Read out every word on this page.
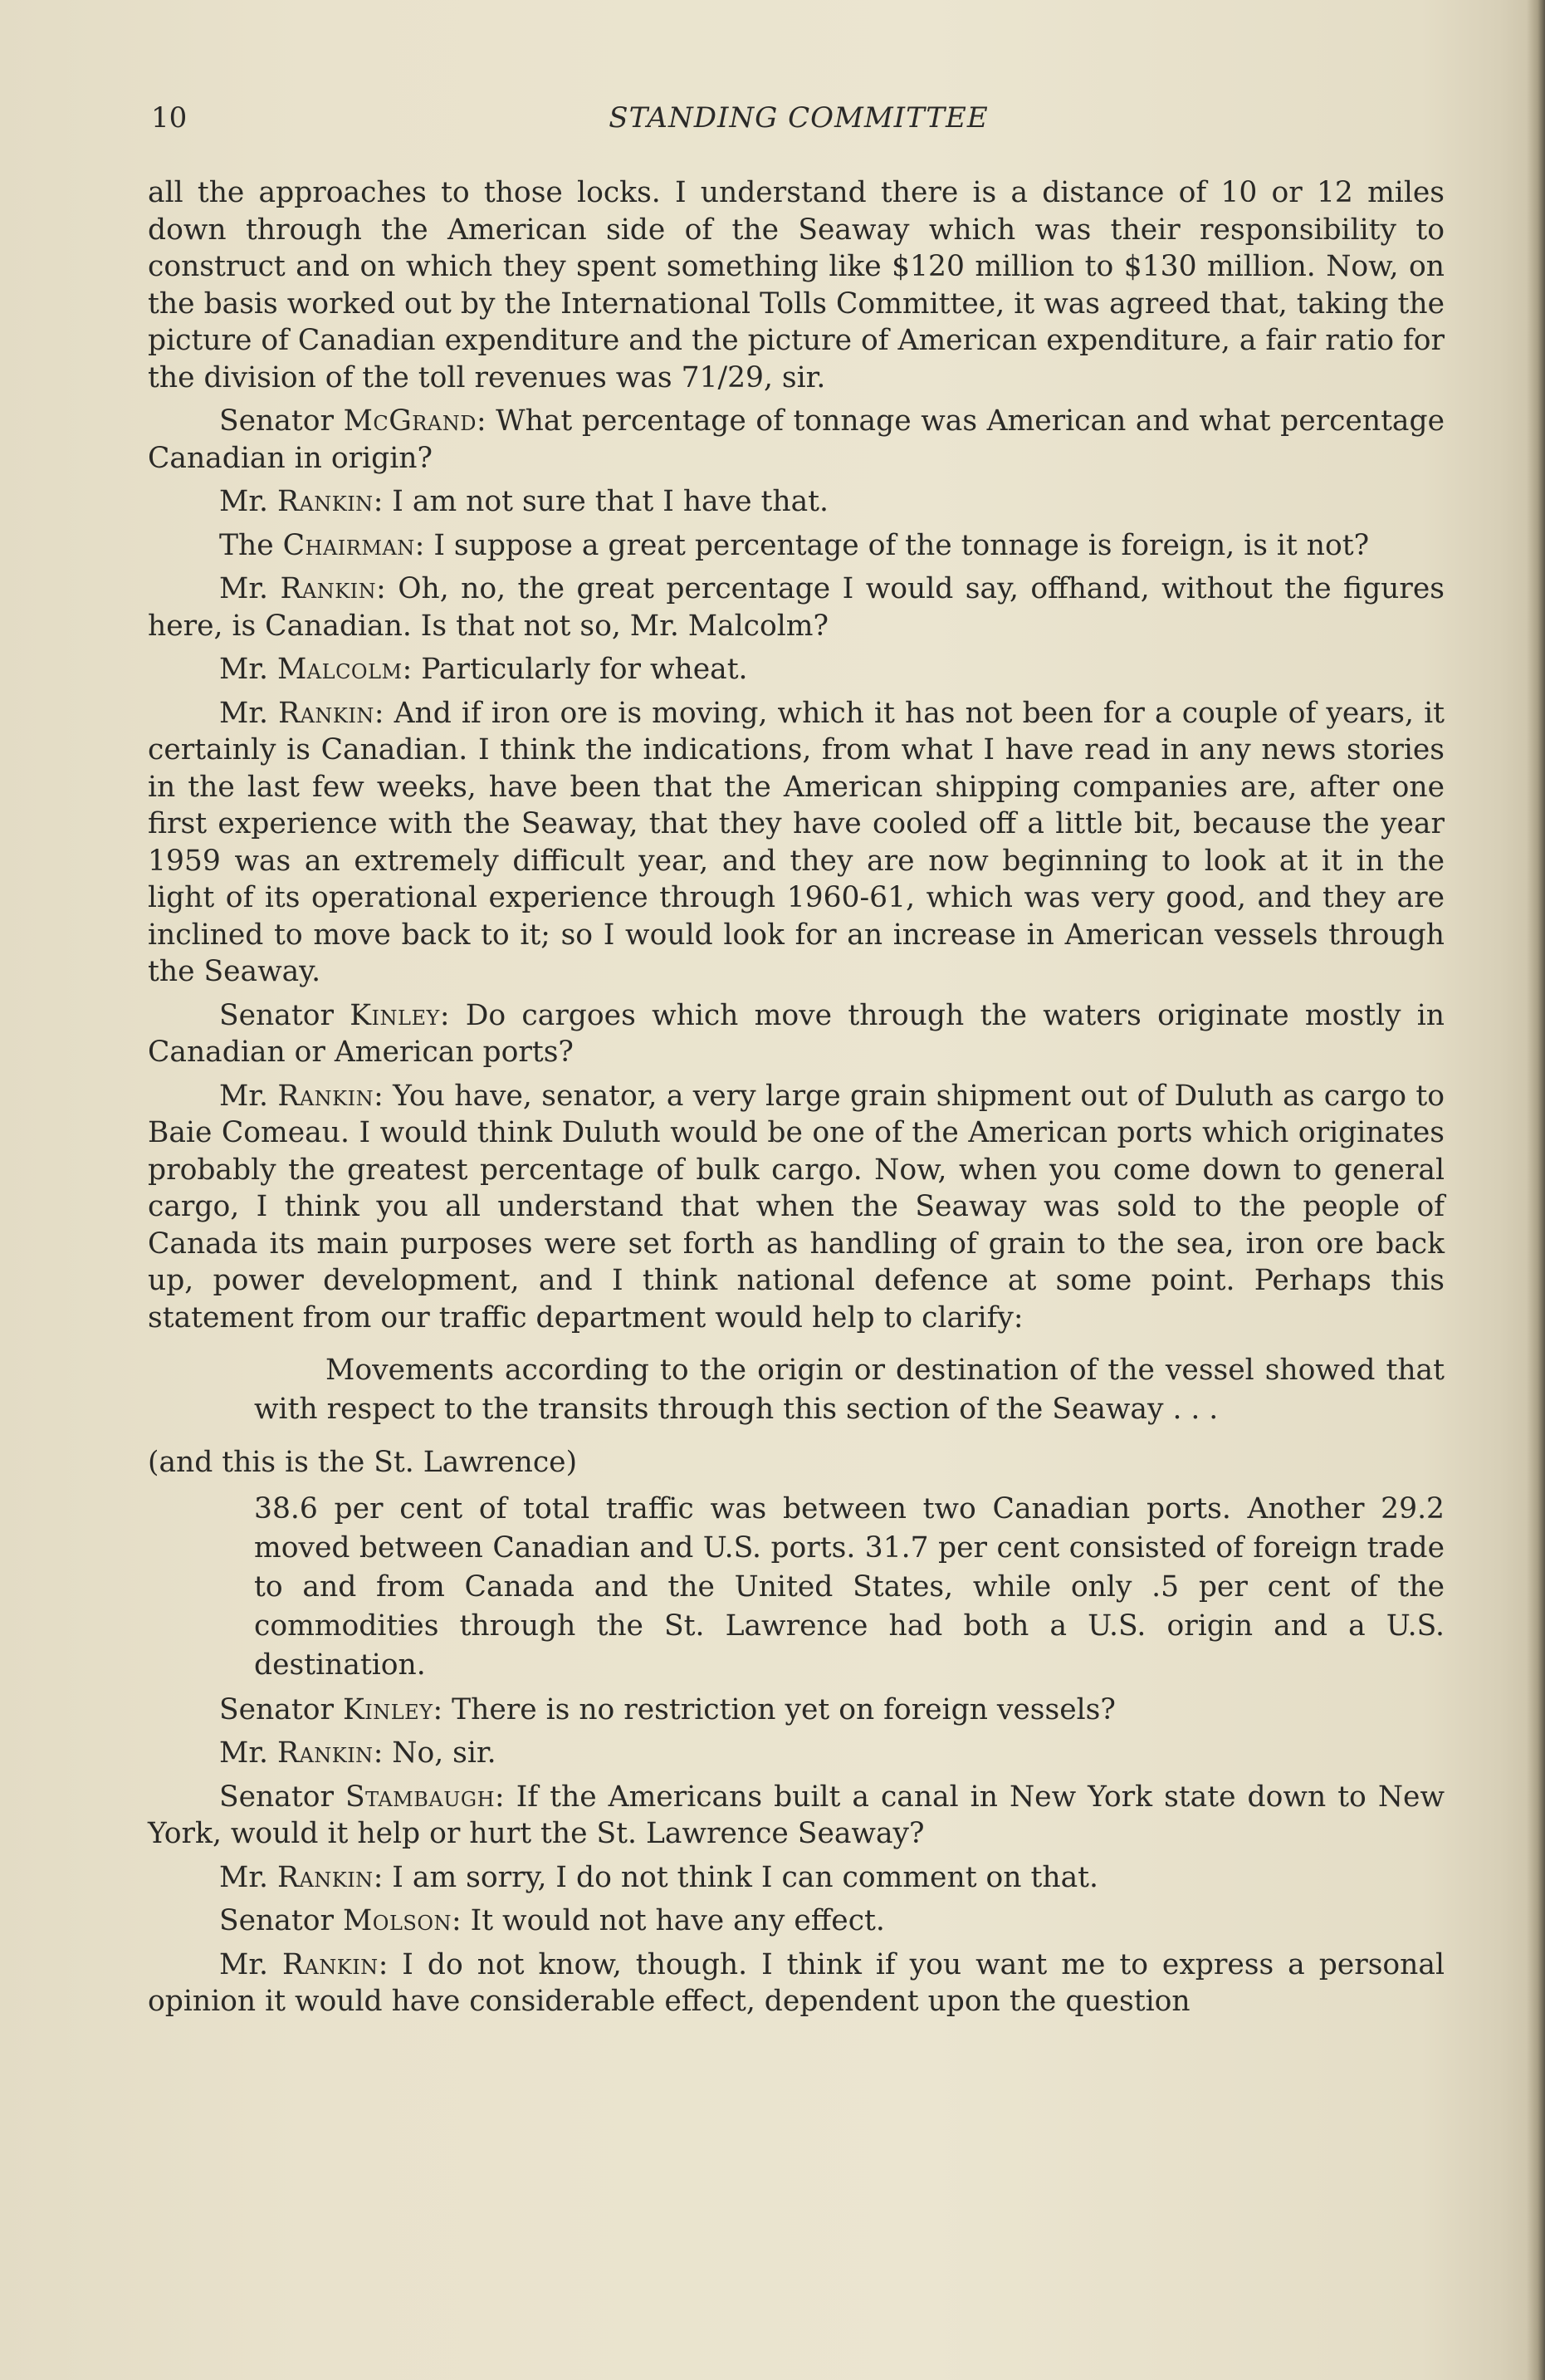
10	STANDING COMMITTEE

all the approaches to those locks. I understand there is a distance of 10 or 12 miles down through the American side of the Seaway which was their responsibility to construct and on which they spent something like $120 million to $130 million. Now, on the basis worked out by the International Tolls Committee, it was agreed that, taking the picture of Canadian expenditure and the picture of American expenditure, a fair ratio for the division of the toll revenues was 71/29, sir.

Senator McGrand: What percentage of tonnage was American and what percentage Canadian in origin?

Mr. Rankin: I am not sure that I have that.

The Chairman: I suppose a great percentage of the tonnage is foreign, is it not?

Mr. Rankin: Oh, no, the great percentage I would say, offhand, without the figures here, is Canadian. Is that not so, Mr. Malcolm?

Mr. Malcolm: Particularly for wheat.

Mr. Rankin: And if iron ore is moving, which it has not been for a couple of years, it certainly is Canadian. I think the indications, from what I have read in any news stories in the last few weeks, have been that the American shipping companies are, after one first experience with the Seaway, that they have cooled off a little bit, because the year 1959 was an extremely difficult year, and they are now beginning to look at it in the light of its operational experience through 1960-61, which was very good, and they are inclined to move back to it; so I would look for an increase in American vessels through the Seaway.

Senator Kinley: Do cargoes which move through the waters originate mostly in Canadian or American ports?

Mr. Rankin: You have, senator, a very large grain shipment out of Duluth as cargo to Baie Comeau. I would think Duluth would be one of the American ports which originates probably the greatest percentage of bulk cargo. Now, when you come down to general cargo, I think you all understand that when the Seaway was sold to the people of Canada its main purposes were set forth as handling of grain to the sea, iron ore back up, power development, and I think national defence at some point. Perhaps this statement from our traffic department would help to clarify:

Movements according to the origin or destination of the vessel showed that with respect to the transits through this section of the Seaway . . .

(and this is the St. Lawrence)

38.6 per cent of total traffic was between two Canadian ports. Another 29.2 moved between Canadian and U.S. ports. 31.7 per cent consisted of foreign trade to and from Canada and the United States, while only .5 per cent of the commodities through the St. Lawrence had both a U.S. origin and a U.S. destination.

Senator Kinley: There is no restriction yet on foreign vessels?

Mr. Rankin: No, sir.

Senator Stambaugh: If the Americans built a canal in New York state down to New York, would it help or hurt the St. Lawrence Seaway?

Mr. Rankin: I am sorry, I do not think I can comment on that.

Senator Molson: It would not have any effect.

Mr. Rankin: I do not know, though. I think if you want me to express a personal opinion it would have considerable effect, dependent upon the question
